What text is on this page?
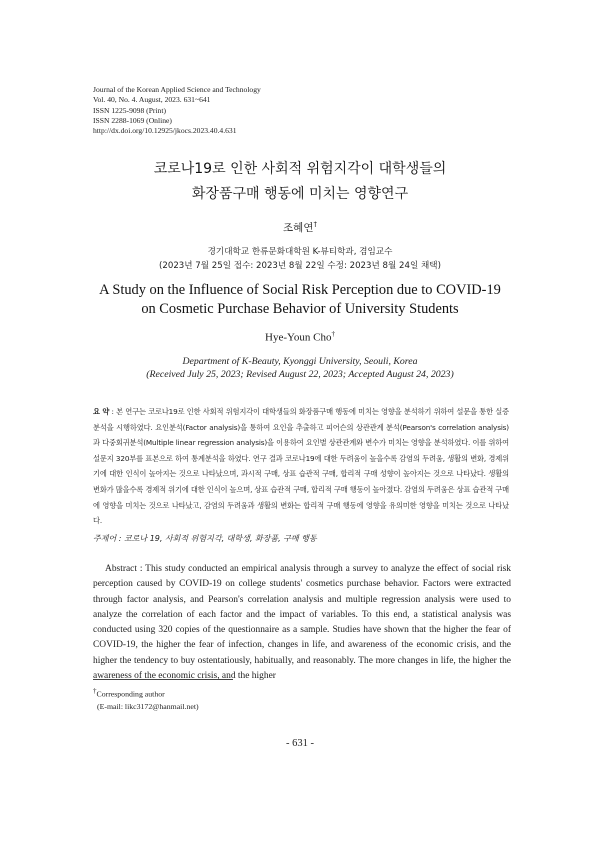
Journal of the Korean Applied Science and Technology
Vol. 40, No. 4. August, 2023. 631~641
ISSN 1225-9098 (Print)
ISSN 2288-1069 (Online)
http://dx.doi.org/10.12925/jkocs.2023.40.4.631
코로나19로 인한 사회적 위험지각이 대학생들의
화장품구매 행동에 미치는 영향연구
조혜연†
경기대학교 한류문화대학원 K-뷰티학과, 겸임교수
(2023년 7월 25일 접수: 2023년 8월 22일 수정: 2023년 8월 24일 채택)
A Study on the Influence of Social Risk Perception due to COVID-19
on Cosmetic Purchase Behavior of University Students
Hye-Youn Cho†
Department of K-Beauty, Kyonggi University, Seouli, Korea
(Received July 25, 2023; Revised August 22, 2023; Accepted August 24, 2023)
요 약 : 본 연구는 코로나19로 인한 사회적 위험지각이 대학생들의 화장품구매 행동에 미치는 영향을 분석하기 위하여 설문을 통한 실증분석을 시행하였다. 요인분석(Factor analysis)을 통하여 요인을 추출하고 피어슨의 상관관계 분석(Pearson's correlation analysis)과 다중회귀분석(Multiple linear regression analysis)을 이용하여 요인별 상관관계와 변수가 미치는 영향을 분석하였다. 이를 위하여 설문지 320부를 표본으로 하여 통계분석을 하였다. 연구 결과 코로나19에 대한 두려움이 높을수록 감염의 두려움, 생활의 변화, 경제위기에 대한 인식이 높아지는 것으로 나타났으며, 과시적 구매, 상표 습관적 구매, 합리적 구매 성향이 높아지는 것으로 나타났다. 생활의 변화가 많을수록 경제적 위기에 대한 인식이 높으며, 상표 습관적 구매, 합리적 구매 행동이 높아졌다. 감염의 두려움은 상표 습관적 구매에 영향을 미치는 것으로 나타났고, 감염의 두려움과 생활의 변화는 합리적 구매 행동에 영향을 유의미한 영향을 미치는 것으로 나타났다.
주제어 : 코로나 19, 사회적 위험지각, 대학생, 화장품, 구매 행동
Abstract : This study conducted an empirical analysis through a survey to analyze the effect of social risk perception caused by COVID-19 on college students' cosmetics purchase behavior. Factors were extracted through factor analysis, and Pearson's correlation analysis and multiple regression analysis were used to analyze the correlation of each factor and the impact of variables. To this end, a statistical analysis was conducted using 320 copies of the questionnaire as a sample. Studies have shown that the higher the fear of COVID-19, the higher the fear of infection, changes in life, and awareness of the economic crisis, and the higher the tendency to buy ostentatiously, habitually, and reasonably. The more changes in life, the higher the awareness of the economic crisis, and the higher
†Corresponding author
(E-mail: likc3172@hanmail.net)
- 631 -
